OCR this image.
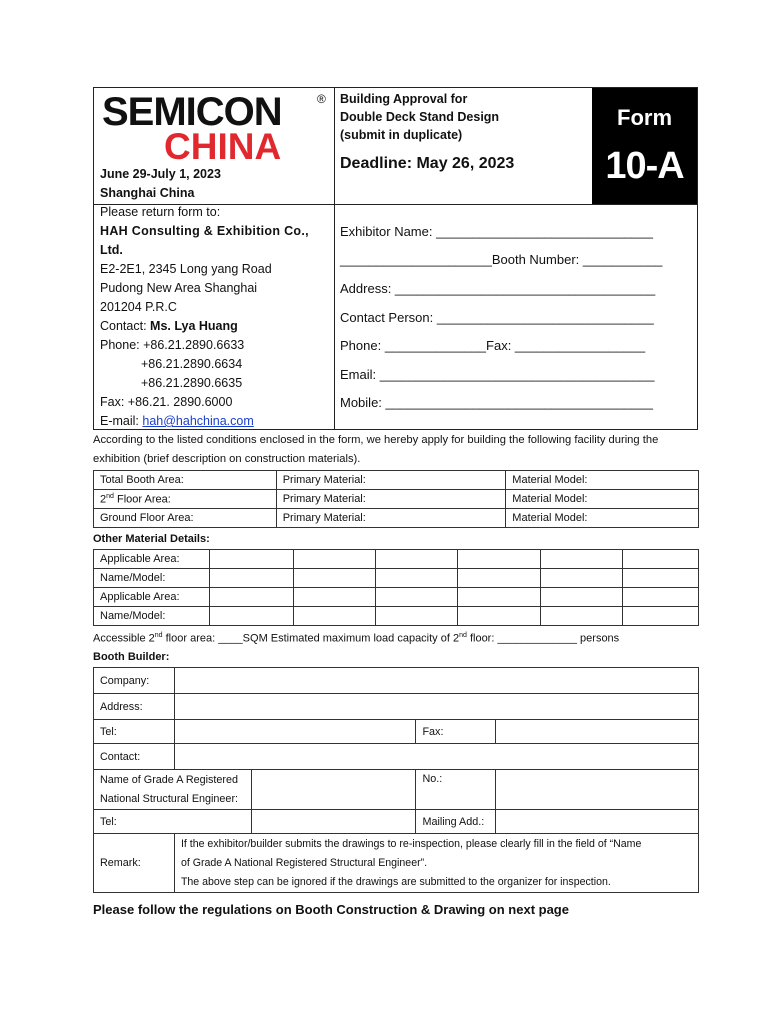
SEMICON
CHINA
®
June 29-July 1, 2023
Shanghai China
Building Approval for
Double Deck Stand Design
(submit in duplicate)
Deadline: May 26, 2023
Form
10-A
Please return form to:
HAH Consulting & Exhibition Co.,
Ltd.
E2-2E1, 2345 Long yang Road
Pudong New Area Shanghai
201204 P.R.C
Contact: Ms. Lya Huang
Phone: +86.21.2890.6633
+86.21.2890.6634
+86.21.2890.6635
Fax: +86.21. 2890.6000
E-mail: hah@hahchina.com
Exhibitor Name: ______________________________
_____________________Booth Number: ___________
Address: ____________________________________
Contact Person: ______________________________
Phone: ______________Fax: __________________
Email: ______________________________________
Mobile: _____________________________________
According to the listed conditions enclosed in the form, we hereby apply for building the following facility during the
exhibition (brief description on construction materials).
Total Booth Area:	Primary Material:	Material Model:
2nd Floor Area:	Primary Material:	Material Model:
Ground Floor Area:	Primary Material:	Material Model:
Other Material Details:
Applicable Area:						
Name/Model:						
Applicable Area:						
Name/Model:						
Accessible 2nd floor area: ____SQM Estimated maximum load capacity of 2nd floor: _____________ persons
Booth Builder:
Company:				
Address:				
Tel:			Fax:	
Contact:				

Name of Grade A Registered
National Structural Engineer:			No.:	
Tel:			Mailing Add.:	
Remark:	If the exhibitor/builder submits the drawings to re-inspection, please clearly fill in the field of “Name
of Grade A National Registered Structural Engineer”.
The above step can be ignored if the drawings are submitted to the organizer for inspection.			
Please follow the regulations on Booth Construction & Drawing on next page
